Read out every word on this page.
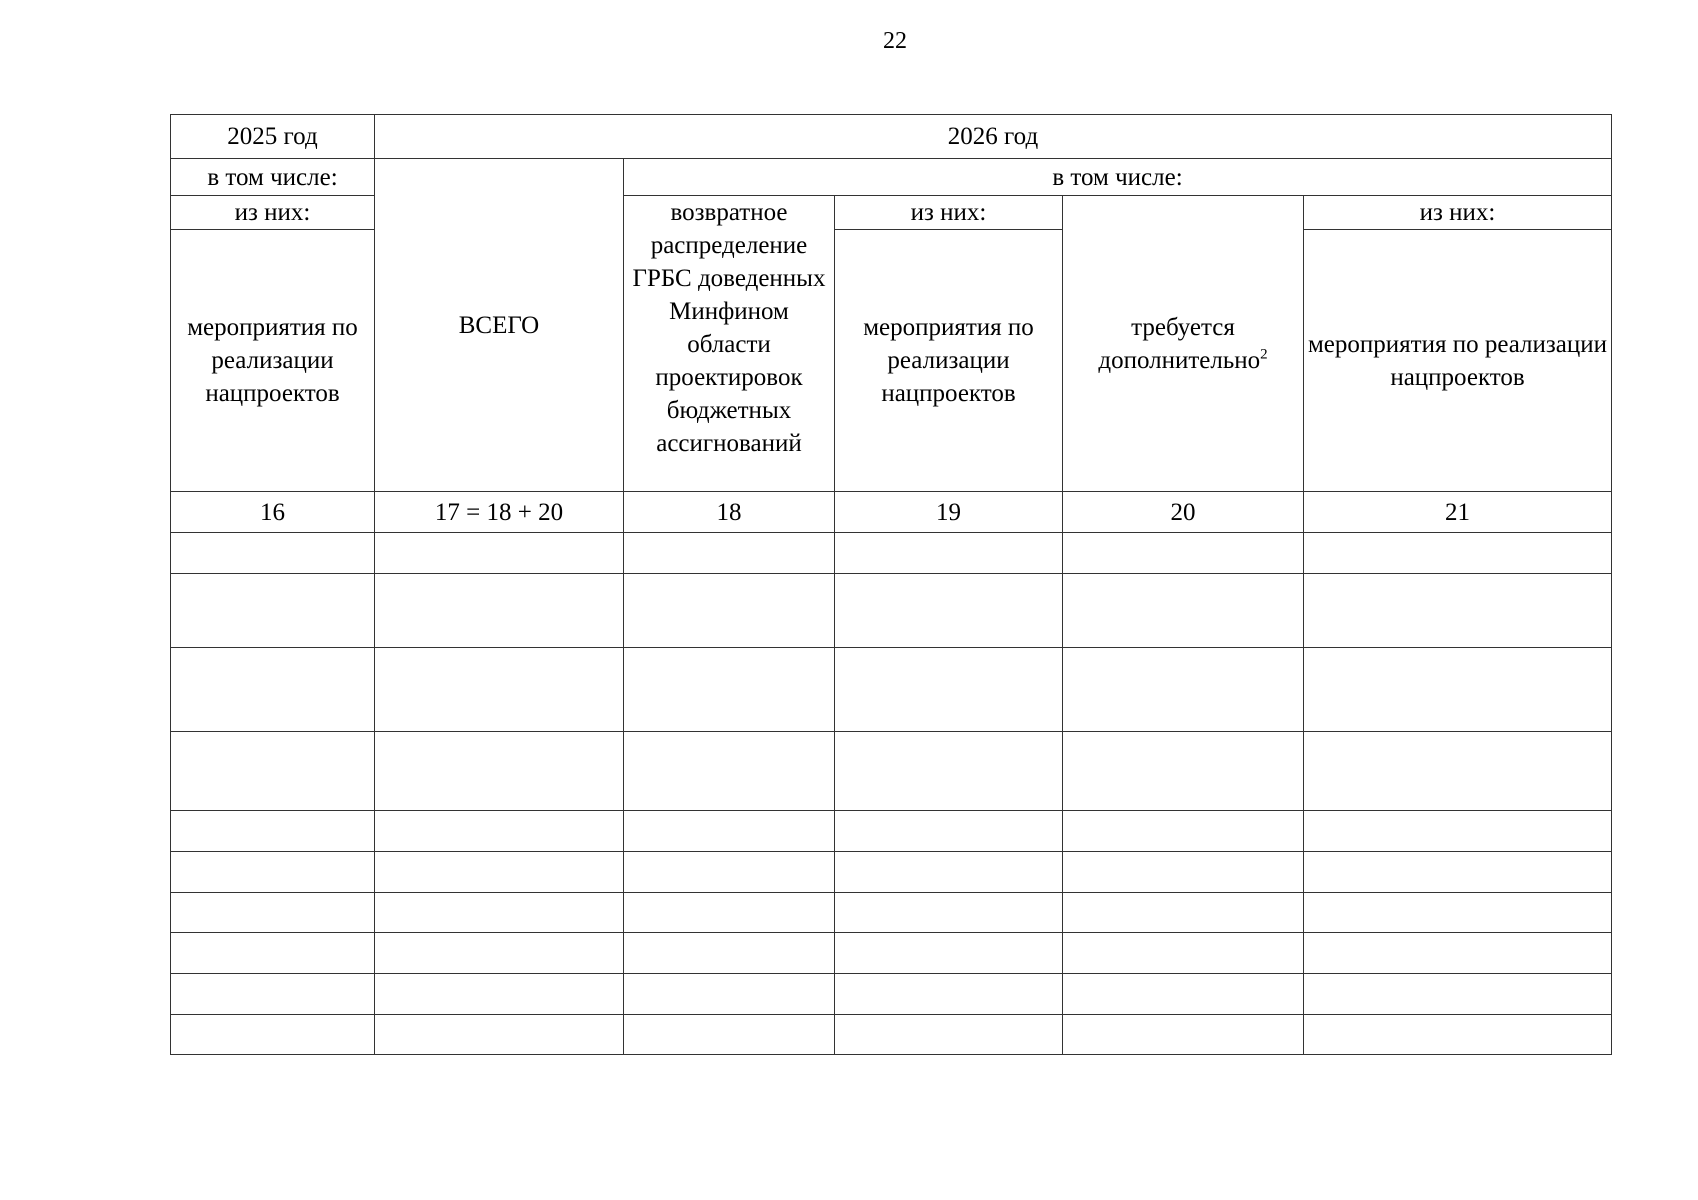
22
2025 год	2026 год				
в том числе:	ВСЕГО	в том числе:			
из них:		возвратное распределение ГРБС доведенных Минфином области проектировок бюджетных ассигнований	из них:	требуется дополнительно$^2$	из них:
мероприятия по реализации нацпроектов			мероприятия по реализации нацпроектов		мероприятия по реализации нацпроектов
16	17 = 18 + 20	18	19	20	21
